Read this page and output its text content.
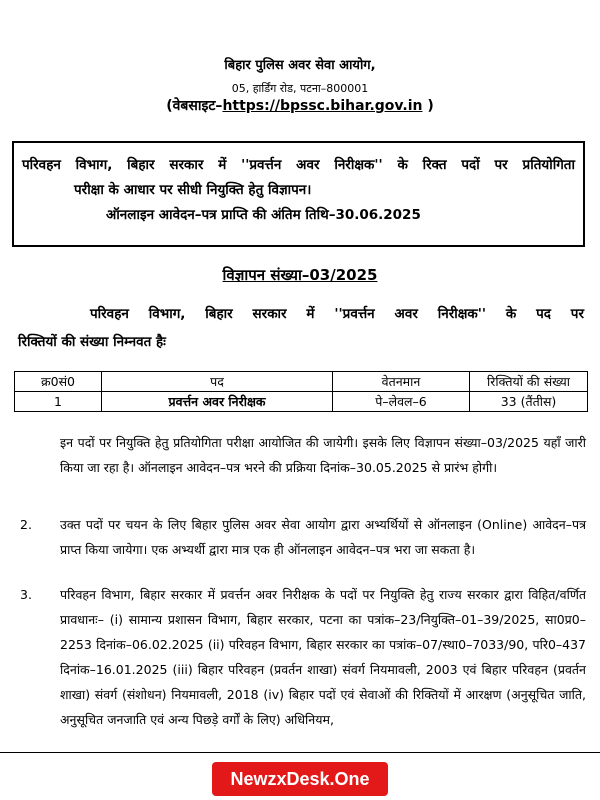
बिहार पुलिस अवर सेवा आयोग,
05, हार्डिंग रोड, पटना–800001
(वेबसाइट–https://bpssc.bihar.gov.in )
परिवहन विभाग, बिहार सरकार में ''प्रवर्त्तन अवर निरीक्षक'' के रिक्त पदों पर प्रतियोगिता
परीक्षा के आधार पर सीधी नियुक्ति हेतु विज्ञापन।
ऑनलाइन आवेदन–पत्र प्राप्ति की अंतिम तिथि–30.06.2025
विज्ञापन संख्या–03/2025
परिवहन विभाग, बिहार सरकार में ''प्रवर्त्तन अवर निरीक्षक'' के पद पर
रिक्तियों की संख्या निम्नवत हैः
क्र0सं0	पद	वेतनमान	रिक्तियों की संख्या
1	प्रवर्त्तन अवर निरीक्षक	पे–लेवल–6	33 (तैंतीस)
इन पदों पर नियुक्ति हेतु प्रतियोगिता परीक्षा आयोजित की जायेगी। इसके लिए विज्ञापन संख्या–03/2025 यहाँ जारी किया जा रहा है। ऑनलाइन आवेदन–पत्र भरने की प्रक्रिया दिनांक–30.05.2025 से प्रारंभ होगी।
2. उक्त पदों पर चयन के लिए बिहार पुलिस अवर सेवा आयोग द्वारा अभ्यर्थियों से ऑनलाइन (Online) आवेदन–पत्र प्राप्त किया जायेगा। एक अभ्यर्थी द्वारा मात्र एक ही ऑनलाइन आवेदन–पत्र भरा जा सकता है।
3. परिवहन विभाग, बिहार सरकार में प्रवर्त्तन अवर निरीक्षक के पदों पर नियुक्ति हेतु राज्य सरकार द्वारा विहित/वर्णित प्रावधानः– (i) सामान्य प्रशासन विभाग, बिहार सरकार, पटना का पत्रांक–23/नियुक्ति–01–39/2025, सा0प्र0–2253 दिनांक–06.02.2025 (ii) परिवहन विभाग, बिहार सरकार का पत्रांक–07/स्था0–7033/90, परि0–437 दिनांक–16.01.2025 (iii) बिहार परिवहन (प्रवर्तन शाखा) संवर्ग नियमावली, 2003 एवं बिहार परिवहन (प्रवर्तन शाखा) संवर्ग (संशोधन) नियमावली, 2018 (iv) बिहार पदों एवं सेवाओं की रिक्तियों में आरक्षण (अनुसूचित जाति, अनुसूचित जनजाति एवं अन्य पिछड़े वर्गों के लिए) अधिनियम,
NewzxDesk.One
